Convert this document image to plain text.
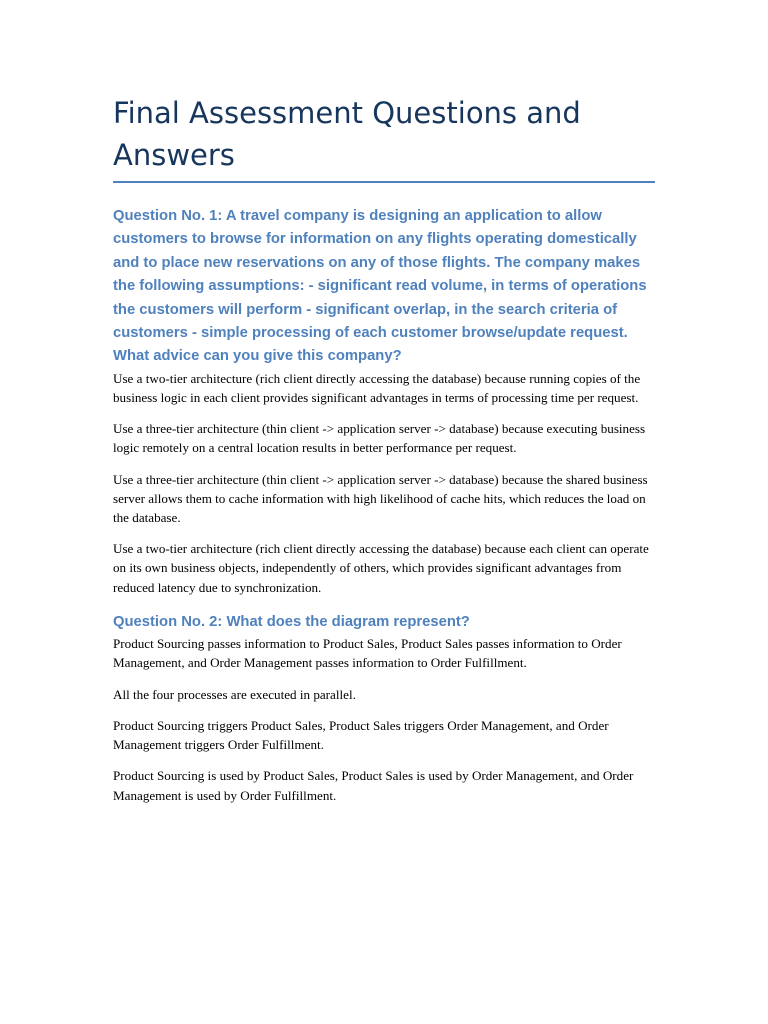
Final Assessment Questions and Answers

Question No. 1: A travel company is designing an application to allow customers to browse for information on any flights operating domestically and to place new reservations on any of those flights. The company makes the following assumptions: - significant read volume, in terms of operations the customers will perform - significant overlap, in the search criteria of customers - simple processing of each customer browse/update request. What advice can you give this company?

Use a two-tier architecture (rich client directly accessing the database) because running copies of the business logic in each client provides significant advantages in terms of processing time per request.

Use a three-tier architecture (thin client -> application server -> database) because executing business logic remotely on a central location results in better performance per request.

Use a three-tier architecture (thin client -> application server -> database) because the shared business server allows them to cache information with high likelihood of cache hits, which reduces the load on the database.

Use a two-tier architecture (rich client directly accessing the database) because each client can operate on its own business objects, independently of others, which provides significant advantages from reduced latency due to synchronization.

Question No. 2: What does the diagram represent?

Product Sourcing passes information to Product Sales, Product Sales passes information to Order Management, and Order Management passes information to Order Fulfillment.

All the four processes are executed in parallel.

Product Sourcing triggers Product Sales, Product Sales triggers Order Management, and Order Management triggers Order Fulfillment.

Product Sourcing is used by Product Sales, Product Sales is used by Order Management, and Order Management is used by Order Fulfillment.
